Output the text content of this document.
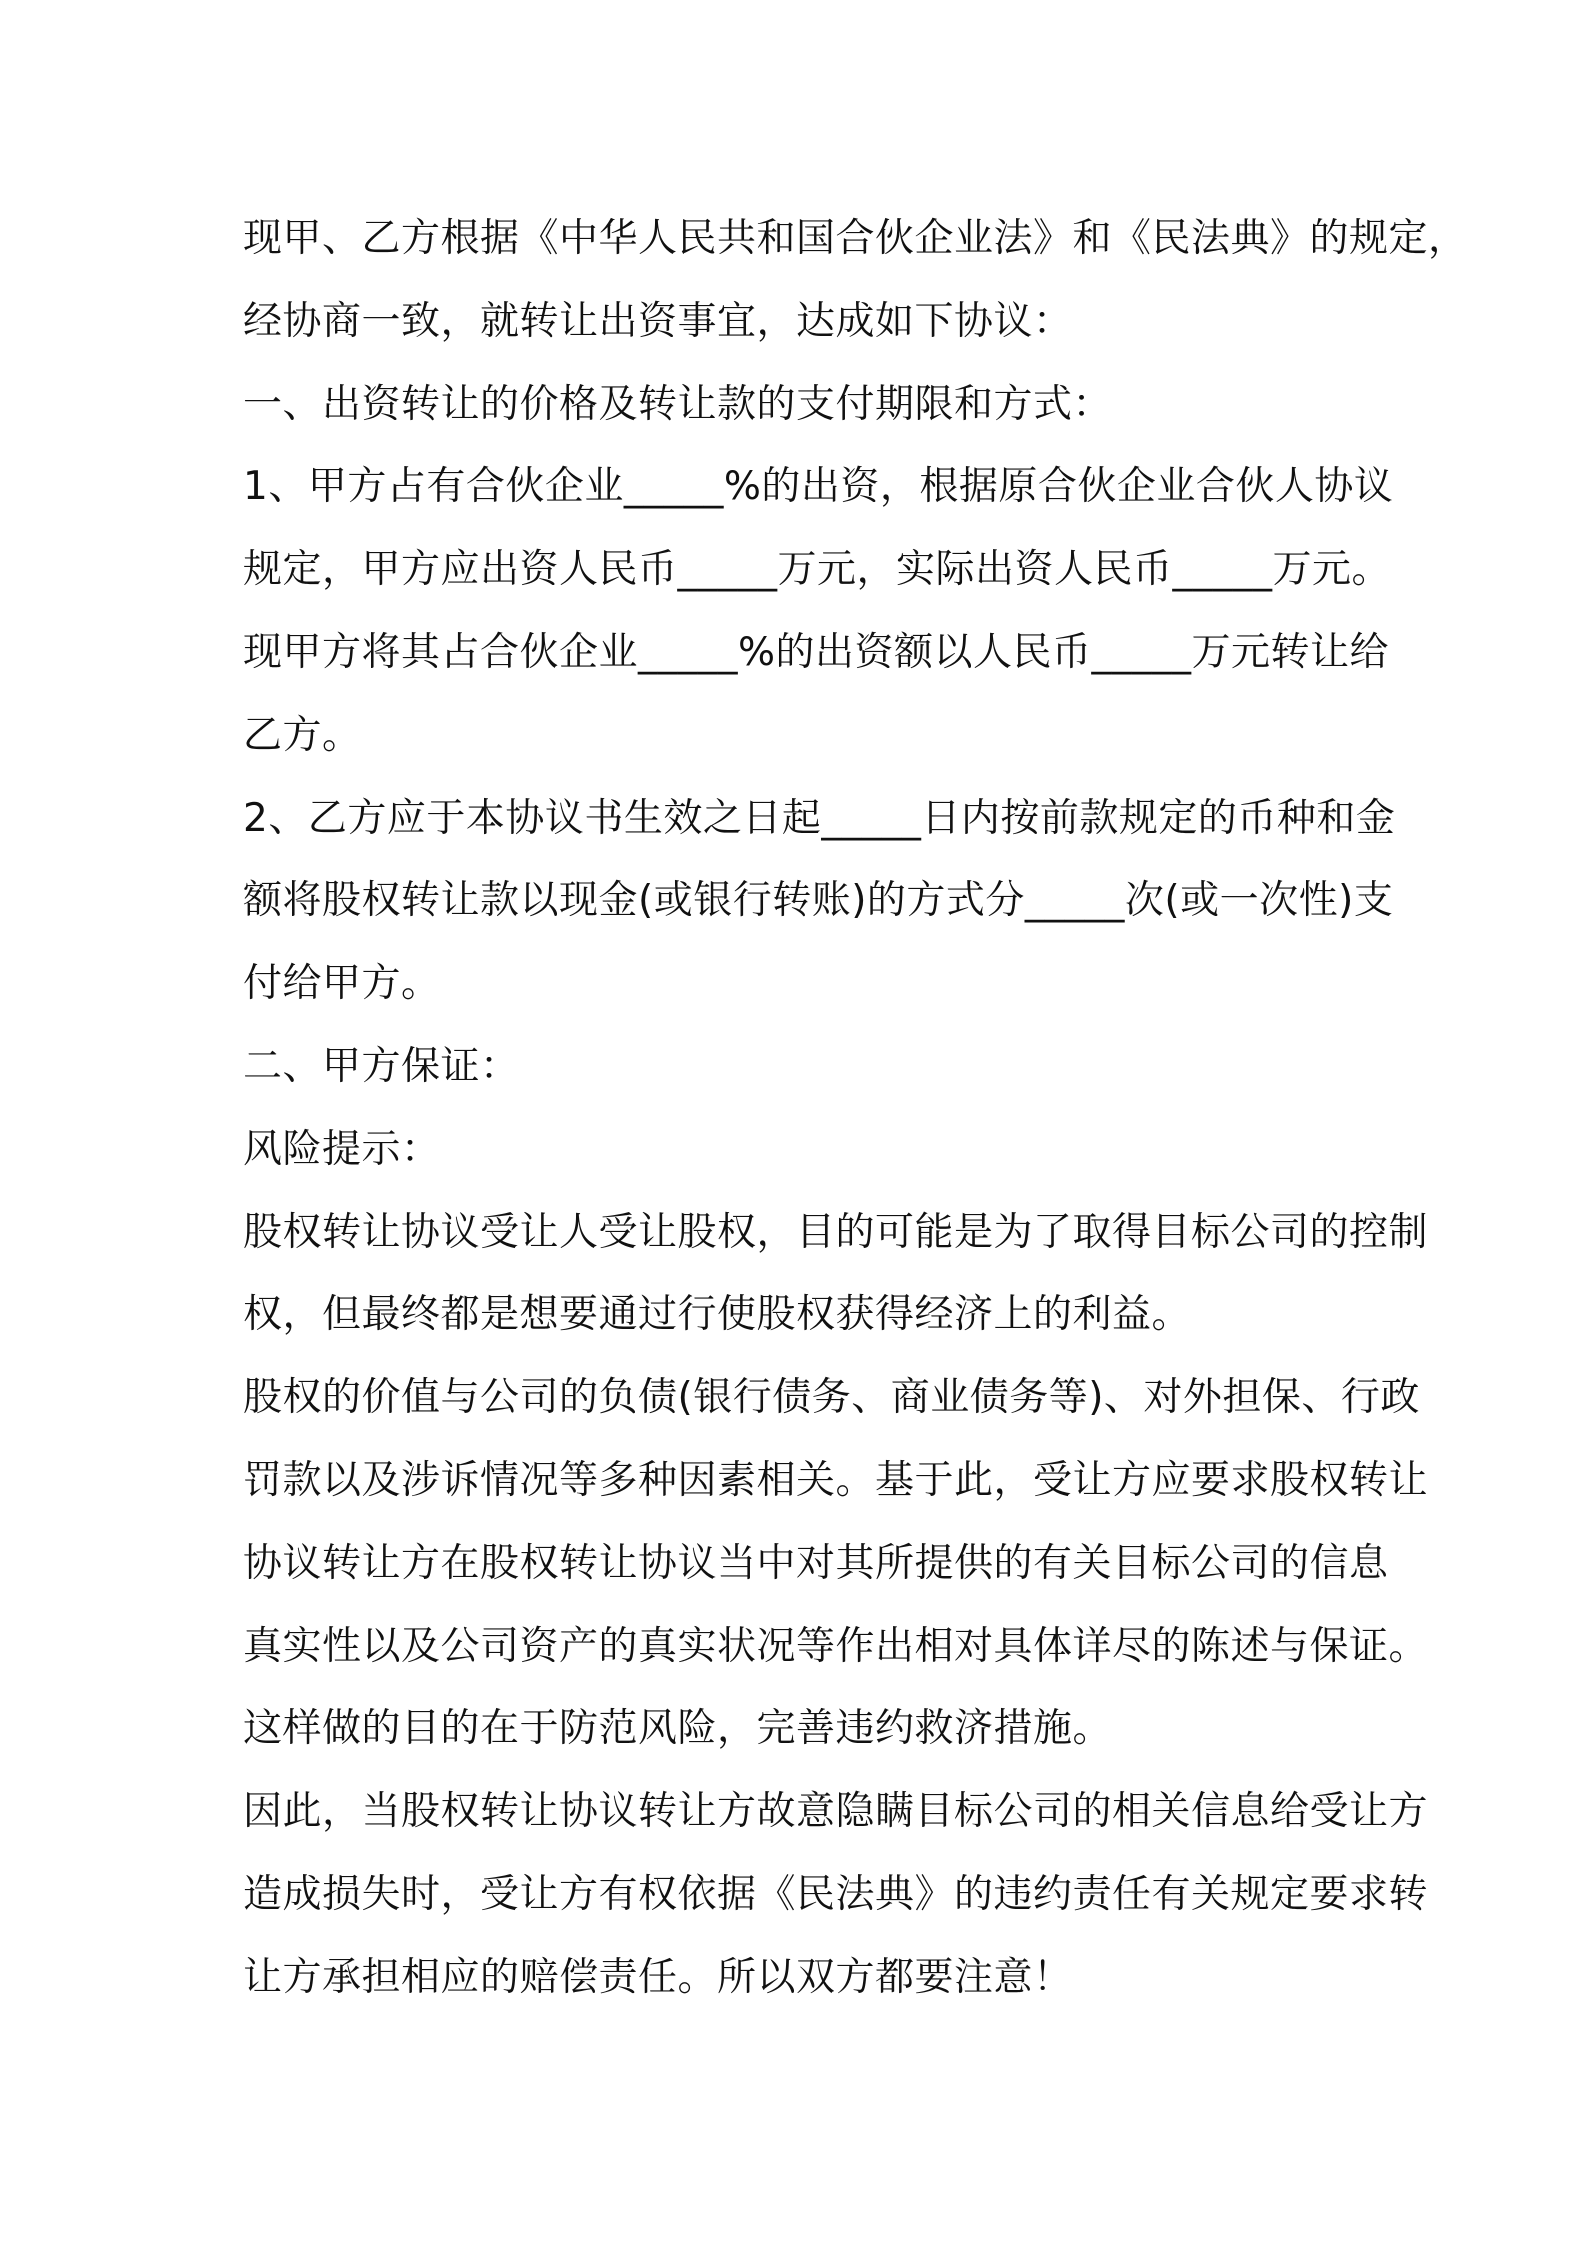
现甲、乙方根据《中华人民共和国合伙企业法》和《民法典》的规定，
经协商一致，就转让出资事宜，达成如下协议：
一、出资转让的价格及转让款的支付期限和方式：
1、甲方占有合伙企业_____%的出资，根据原合伙企业合伙人协议
规定，甲方应出资人民币_____万元，实际出资人民币_____万元。
现甲方将其占合伙企业_____%的出资额以人民币_____万元转让给
乙方。
2、乙方应于本协议书生效之日起_____日内按前款规定的币种和金
额将股权转让款以现金(或银行转账)的方式分_____次(或一次性)支
付给甲方。
二、甲方保证：
风险提示：
股权转让协议受让人受让股权，目的可能是为了取得目标公司的控制
权，但最终都是想要通过行使股权获得经济上的利益。
股权的价值与公司的负债(银行债务、商业债务等)、对外担保、行政
罚款以及涉诉情况等多种因素相关。基于此，受让方应要求股权转让
协议转让方在股权转让协议当中对其所提供的有关目标公司的信息
真实性以及公司资产的真实状况等作出相对具体详尽的陈述与保证。
这样做的目的在于防范风险，完善违约救济措施。
因此，当股权转让协议转让方故意隐瞒目标公司的相关信息给受让方
造成损失时，受让方有权依据《民法典》的违约责任有关规定要求转
让方承担相应的赔偿责任。所以双方都要注意！
